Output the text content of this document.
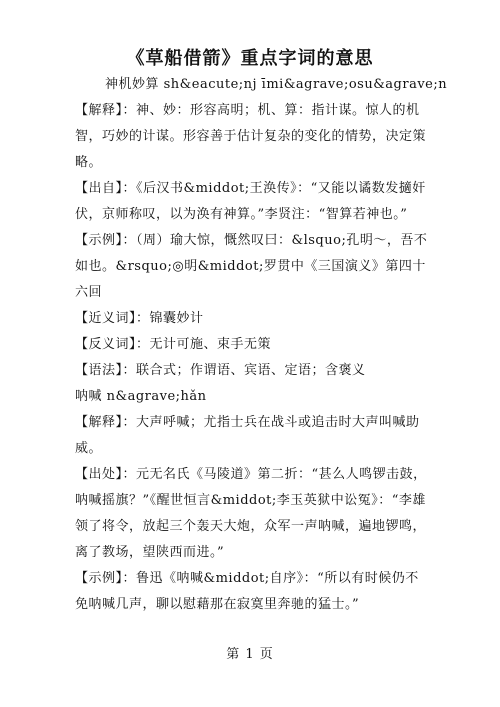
《草船借箭》重点字词的意思
神机妙算 sh&eacute;nj īmi&agrave;osu&agrave;n

【解释】：神、妙：形容高明；机、算：指计谋。惊人的机智，巧妙的计谋。形容善于估计复杂的变化的情势，决定策略。

【出自】：《后汉书&middot;王涣传》：“又能以谲数发擿奸伏，京师称叹，以为涣有神算。”李贤注：“智算若神也。”

【示例】：（周）瑜大惊，慨然叹曰：&lsquo;孔明～，吾不如也。&rsquo;◎明&middot;罗贯中《三国演义》第四十六回

【近义词】：锦囊妙计

【反义词】：无计可施、束手无策

【语法】：联合式；作谓语、宾语、定语；含褒义

呐喊 n&agrave;hǎn

【解释】：大声呼喊；尤指士兵在战斗或追击时大声叫喊助威。

【出处】：元无名氏《马陵道》第二折：“甚么人鸣锣击鼓，呐喊摇旗？”《醒世恒言&middot;李玉英狱中讼冤》：“李雄领了将令，放起三个轰天大炮，众军一声呐喊，遍地锣鸣，离了教场，望陕西而进。”

【示例】：鲁迅《呐喊&middot;自序》：“所以有时候仍不免呐喊几声，聊以慰藉那在寂寞里奔驰的猛士。”

第 1 页
